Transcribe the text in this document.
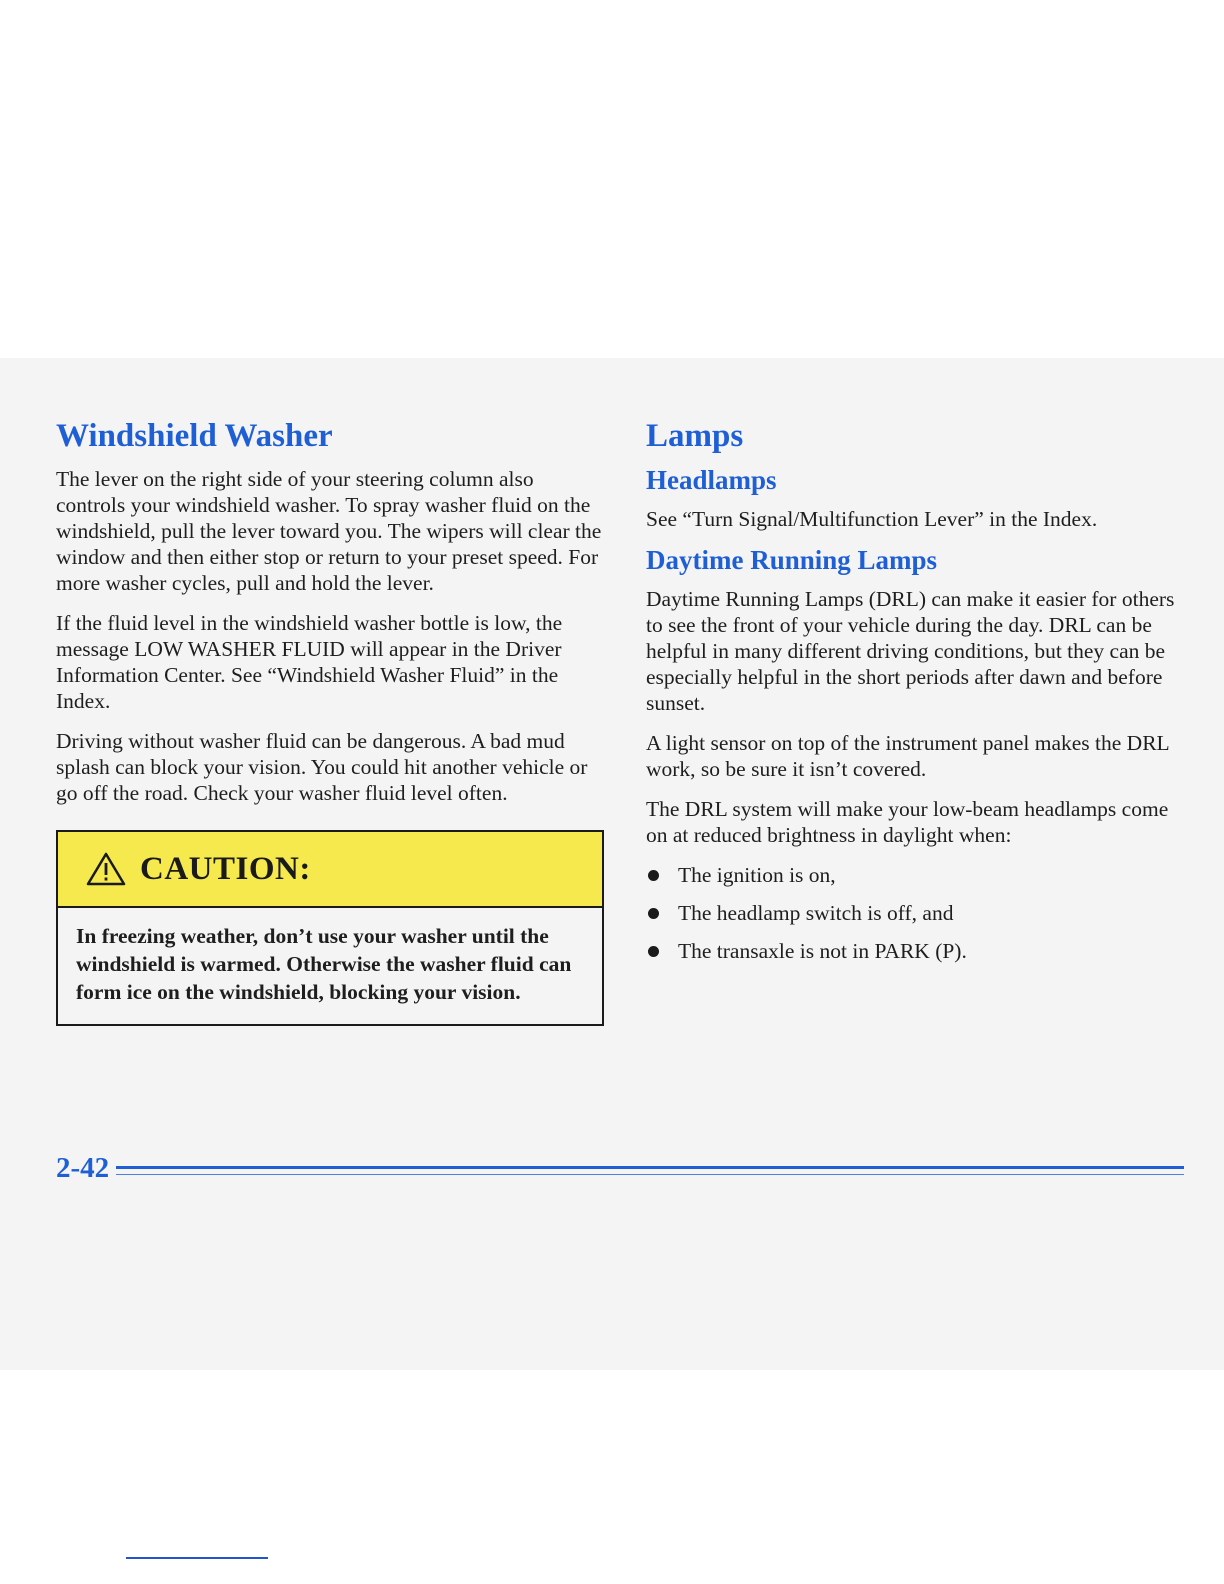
Windshield Washer

The lever on the right side of your steering column also controls your windshield washer. To spray washer fluid on the windshield, pull the lever toward you. The wipers will clear the window and then either stop or return to your preset speed. For more washer cycles, pull and hold the lever.

If the fluid level in the windshield washer bottle is low, the message LOW WASHER FLUID will appear in the Driver Information Center. See “Windshield Washer Fluid” in the Index.

Driving without washer fluid can be dangerous. A bad mud splash can block your vision. You could hit another vehicle or go off the road. Check your washer fluid level often.

CAUTION:
In freezing weather, don’t use your washer until the windshield is warmed. Otherwise the washer fluid can form ice on the windshield, blocking your vision.
Lamps
Headlamps

See “Turn Signal/Multifunction Lever” in the Index.

Daytime Running Lamps

Daytime Running Lamps (DRL) can make it easier for others to see the front of your vehicle during the day. DRL can be helpful in many different driving conditions, but they can be especially helpful in the short periods after dawn and before sunset.

A light sensor on top of the instrument panel makes the DRL work, so be sure it isn’t covered.

The DRL system will make your low-beam headlamps come on at reduced brightness in daylight when:

The ignition is on,
The headlamp switch is off, and
The transaxle is not in PARK (P).
2-42
